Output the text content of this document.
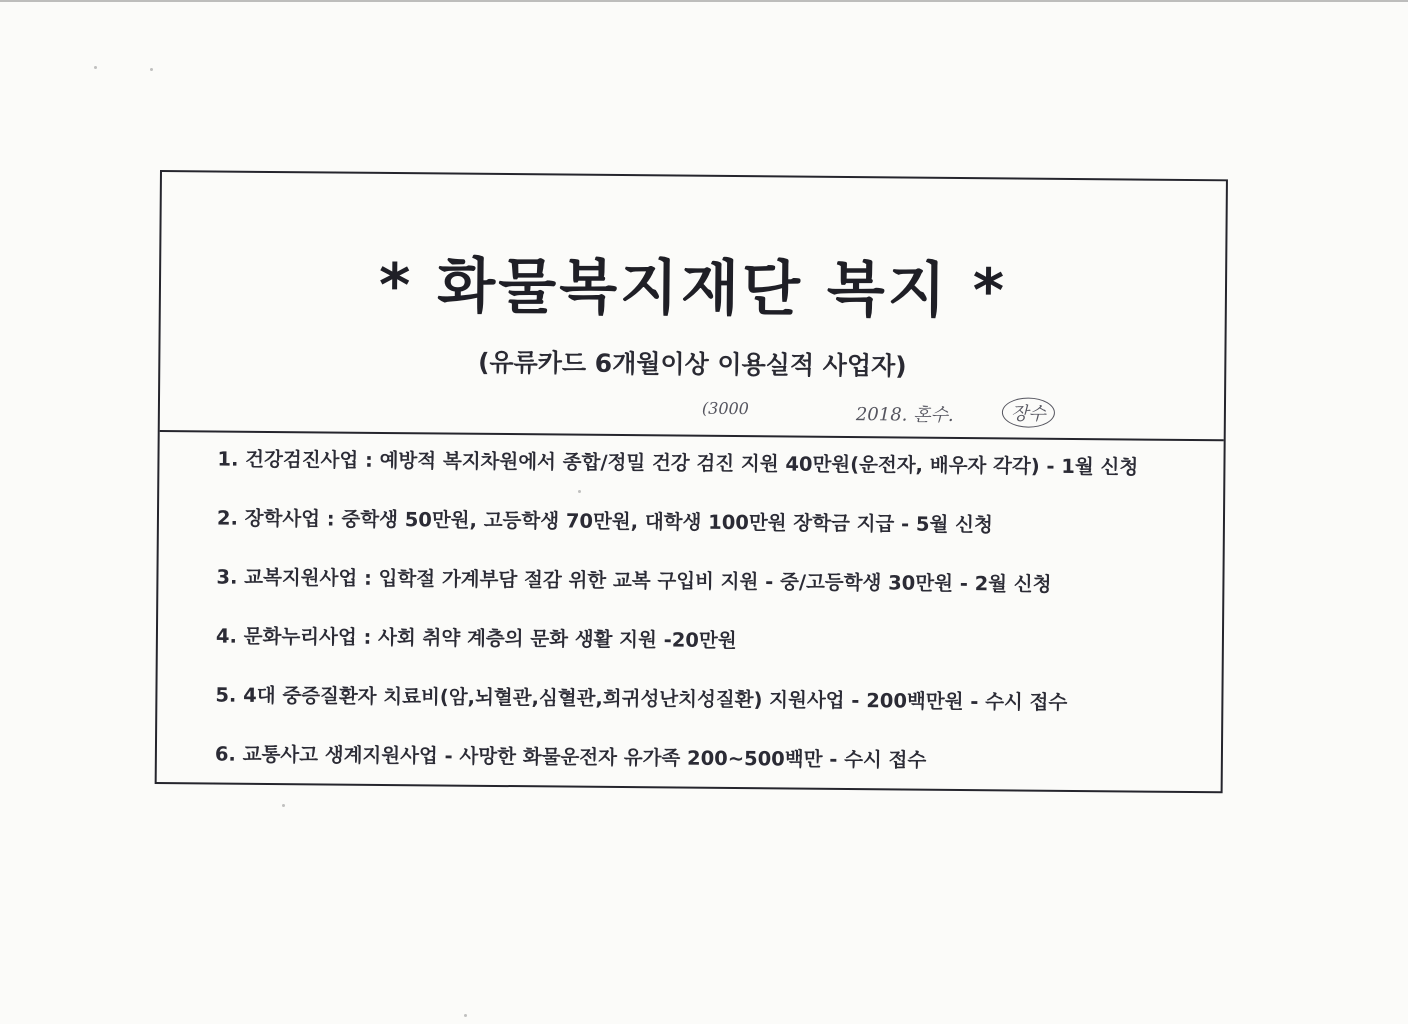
* 화물복지재단 복지 *
(유류카드 6개월이상 이용실적 사업자)
(3000	2018. 혼수.	장수
1. 건강검진사업 : 예방적 복지차원에서 종합/정밀 건강 검진 지원 40만원(운전자, 배우자 각각) - 1월 신청
2. 장학사업 : 중학생 50만원, 고등학생 70만원, 대학생 100만원 장학금 지급 - 5월 신청
3. 교복지원사업 : 입학절 가계부담 절감 위한 교복 구입비 지원 - 중/고등학생 30만원 - 2월 신청
4. 문화누리사업 : 사회 취약 계층의 문화 생활 지원 -20만원
5. 4대 중증질환자 치료비(암,뇌혈관,심혈관,희귀성난치성질환) 지원사업 - 200백만원 - 수시 접수
6. 교통사고 생계지원사업 - 사망한 화물운전자 유가족 200~500백만 - 수시 접수
